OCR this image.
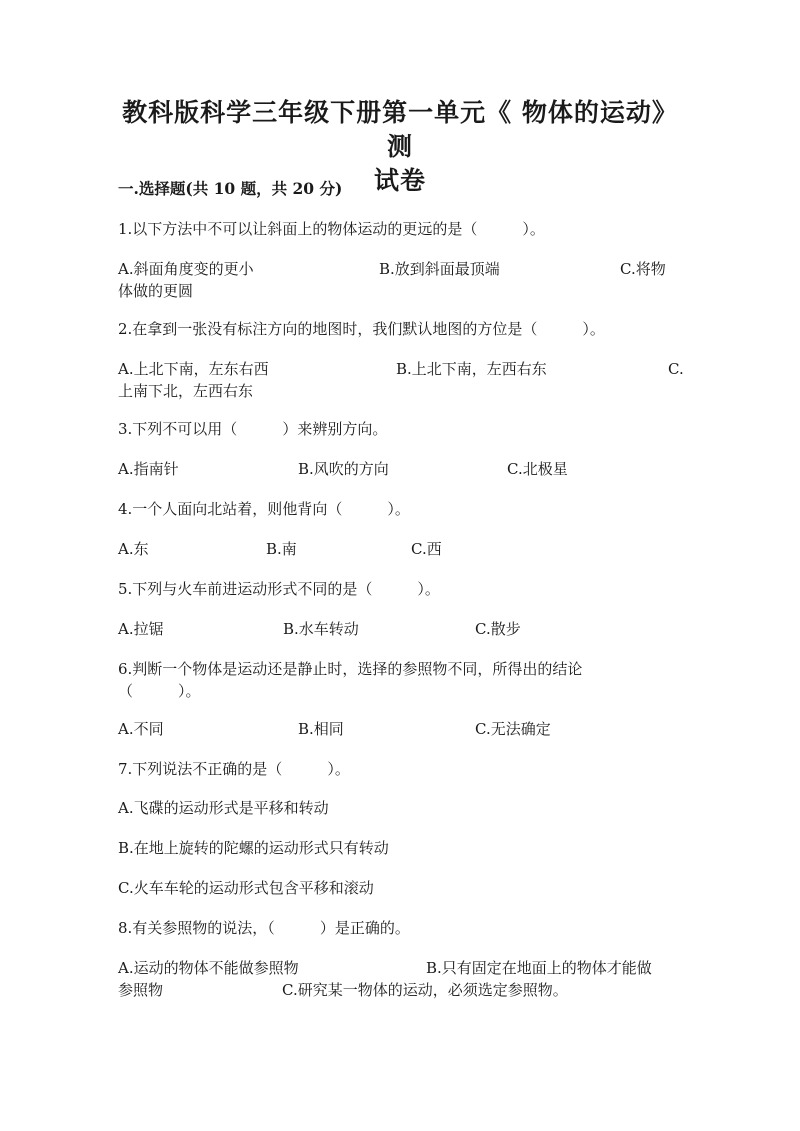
教科版科学三年级下册第一单元《 物体的运动》测
试卷
一.选择题(共 10 题，共 20 分)
1.以下方法中不可以让斜面上的物体运动的更远的是（　　　）。
A.斜面角度变的更小	B.放到斜面最顶端	C.将物
体做的更圆
2.在拿到一张没有标注方向的地图时，我们默认地图的方位是（　　　）。
A.上北下南，左东右西	B.上北下南，左西右东	C.
上南下北，左西右东
3.下列不可以用（　　　）来辨别方向。
A.指南针	B.风吹的方向	C.北极星
4.一个人面向北站着，则他背向（　　　）。
A.东	B.南	C.西
5.下列与火车前进运动形式不同的是（　　　）。
A.拉锯	B.水车转动	C.散步
6.判断一个物体是运动还是静止时，选择的参照物不同，所得出的结论
（　　　）。
A.不同	B.相同	C.无法确定
7.下列说法不正确的是（　　　）。
A.飞碟的运动形式是平移和转动
B.在地上旋转的陀螺的运动形式只有转动
C.火车车轮的运动形式包含平移和滚动
8.有关参照物的说法，（　　　）是正确的。
A.运动的物体不能做参照物	B.只有固定在地面上的物体才能做
参照物	C.研究某一物体的运动，必须选定参照物。
